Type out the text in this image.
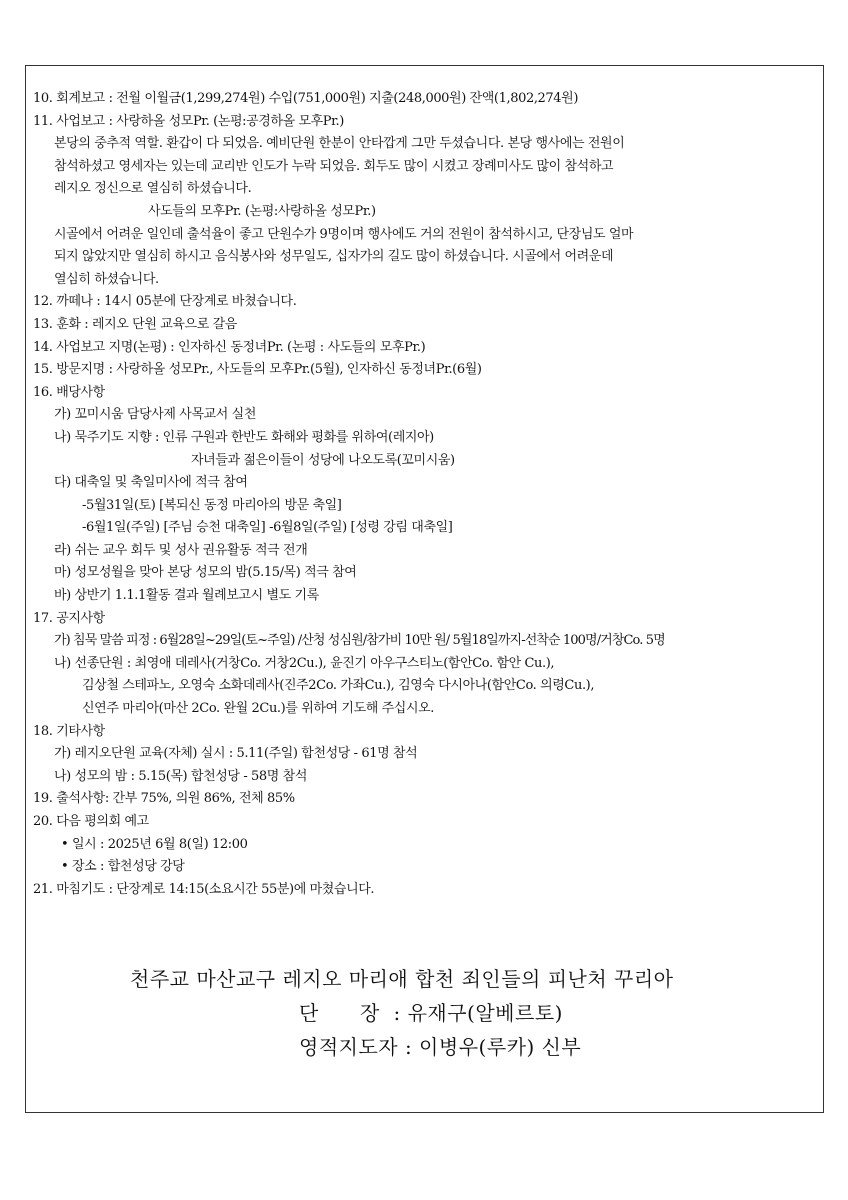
10. 회계보고 : 전월 이월금(1,299,274원) 수입(751,000원) 지출(248,000원) 잔액(1,802,274원)
11. 사업보고 : 사랑하올 성모Pr. (논평:공경하올 모후Pr.)
본당의 중추적 역할. 환갑이 다 되었음. 예비단원 한분이 안타깝게 그만 두셨습니다. 본당 행사에는 전원이
참석하셨고 영세자는 있는데 교리반 인도가 누락 되었음. 회두도 많이 시켰고 장례미사도 많이 참석하고
레지오 정신으로 열심히 하셨습니다.
사도들의 모후Pr. (논평:사랑하올 성모Pr.)
시골에서 어려운 일인데 출석율이 좋고 단원수가 9명이며 행사에도 거의 전원이 참석하시고, 단장님도 얼마
되지 않았지만 열심히 하시고 음식봉사와 성무일도, 십자가의 길도 많이 하셨습니다. 시골에서 어려운데
열심히 하셨습니다.
12. 까떼나 : 14시 05분에 단장계로 바쳤습니다.
13. 훈화 : 레지오 단원 교육으로 갈음
14. 사업보고 지명(논평) : 인자하신 동정녀Pr. (논평 : 사도들의 모후Pr.)
15. 방문지명 : 사랑하올 성모Pr., 사도들의 모후Pr.(5월), 인자하신 동정녀Pr.(6월)
16. 배당사항
가) 꼬미시움 담당사제 사목교서 실천
나) 묵주기도 지향 : 인류 구원과 한반도 화해와 평화를 위하여(레지아)
자녀들과 젊은이들이 성당에 나오도록(꼬미시움)
다) 대축일 및 축일미사에 적극 참여
-5월31일(토) [복되신 동정 마리아의 방문 축일]
-6월1일(주일) [주님 승천 대축일] -6월8일(주일) [성령 강림 대축일]
라) 쉬는 교우 회두 및 성사 권유활동 적극 전개
마) 성모성월을 맞아 본당 성모의 밤(5.15/목) 적극 참여
바) 상반기 1.1.1활동 결과 월례보고시 별도 기록
17. 공지사항
가) 침묵 말씀 피정 : 6월28일~29일(토~주일) /산청 성심원/참가비 10만 원/ 5월18일까지-선착순 100명/거창Co. 5명
나) 선종단원 : 최영애 데레사(거창Co. 거창2Cu.), 윤진기 아우구스티노(함안Co. 함안 Cu.),
김상철 스테파노, 오영숙 소화데레사(진주2Co. 가좌Cu.), 김영숙 다시아나(함안Co. 의령Cu.),
신연주 마리아(마산 2Co. 완월 2Cu.)를 위하여 기도해 주십시오.
18. 기타사항
가) 레지오단원 교육(자체) 실시 : 5.11(주일) 합천성당 - 61명 참석
나) 성모의 밤 : 5.15(목) 합천성당 - 58명 참석
19. 출석사항: 간부 75%, 의원 86%, 전체 85%
20. 다음 평의회 예고
• 일시 : 2025년 6월 8(일) 12:00
• 장소 : 합천성당 강당
21. 마침기도 : 단장계로 14:15(소요시간 55분)에 마쳤습니다.
천주교 마산교구 레지오 마리애 합천 죄인들의 피난처 꾸리아
단      장  : 유재구(알베르토)
영적지도자 : 이병우(루카) 신부
